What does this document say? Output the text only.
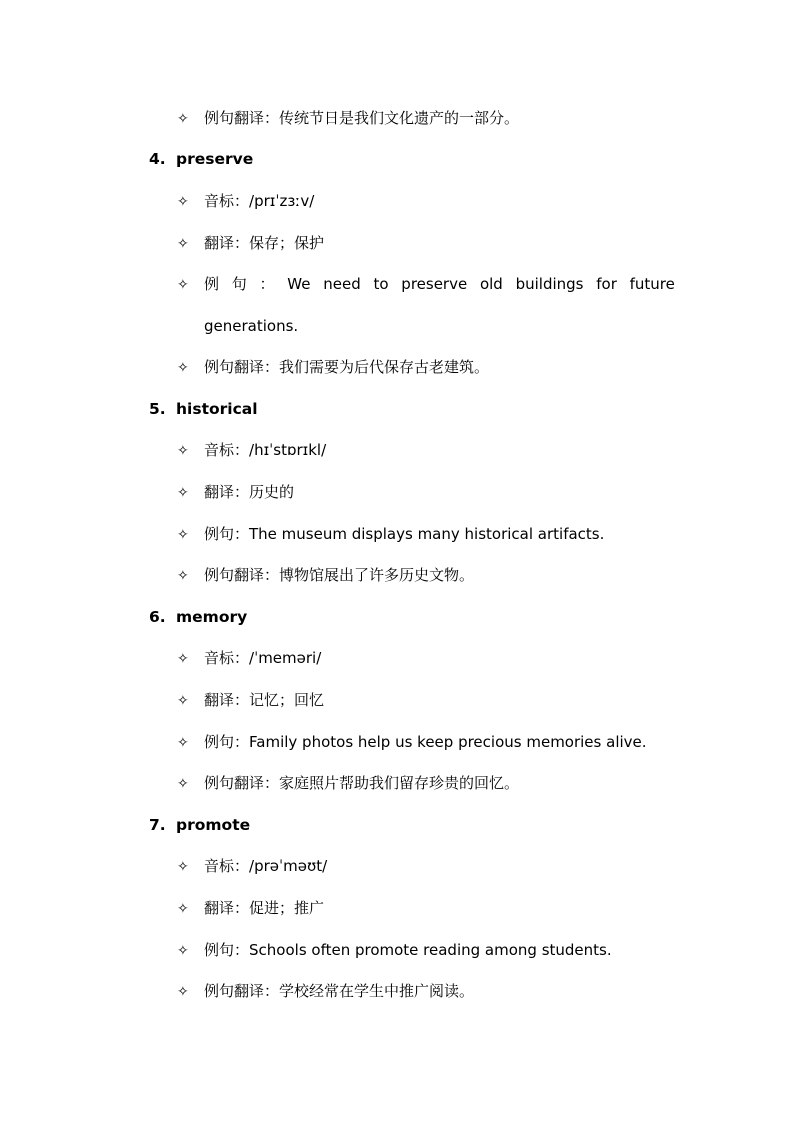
✧ 例句翻译：传统节日是我们文化遗产的一部分。
4. preserve
✧ 音标：/prɪˈzɜːv/
✧ 翻译：保存；保护
✧ 例 句 ： We need to preserve old buildings for future
generations.
✧ 例句翻译：我们需要为后代保存古老建筑。
5. historical
✧ 音标：/hɪˈstɒrɪkl/
✧ 翻译：历史的
✧ 例句：The museum displays many historical artifacts.
✧ 例句翻译：博物馆展出了许多历史文物。
6. memory
✧ 音标：/ˈmeməri/
✧ 翻译：记忆；回忆
✧ 例句：Family photos help us keep precious memories alive.
✧ 例句翻译：家庭照片帮助我们留存珍贵的回忆。
7. promote
✧ 音标：/prəˈməʊt/
✧ 翻译：促进；推广
✧ 例句：Schools often promote reading among students.
✧ 例句翻译：学校经常在学生中推广阅读。
